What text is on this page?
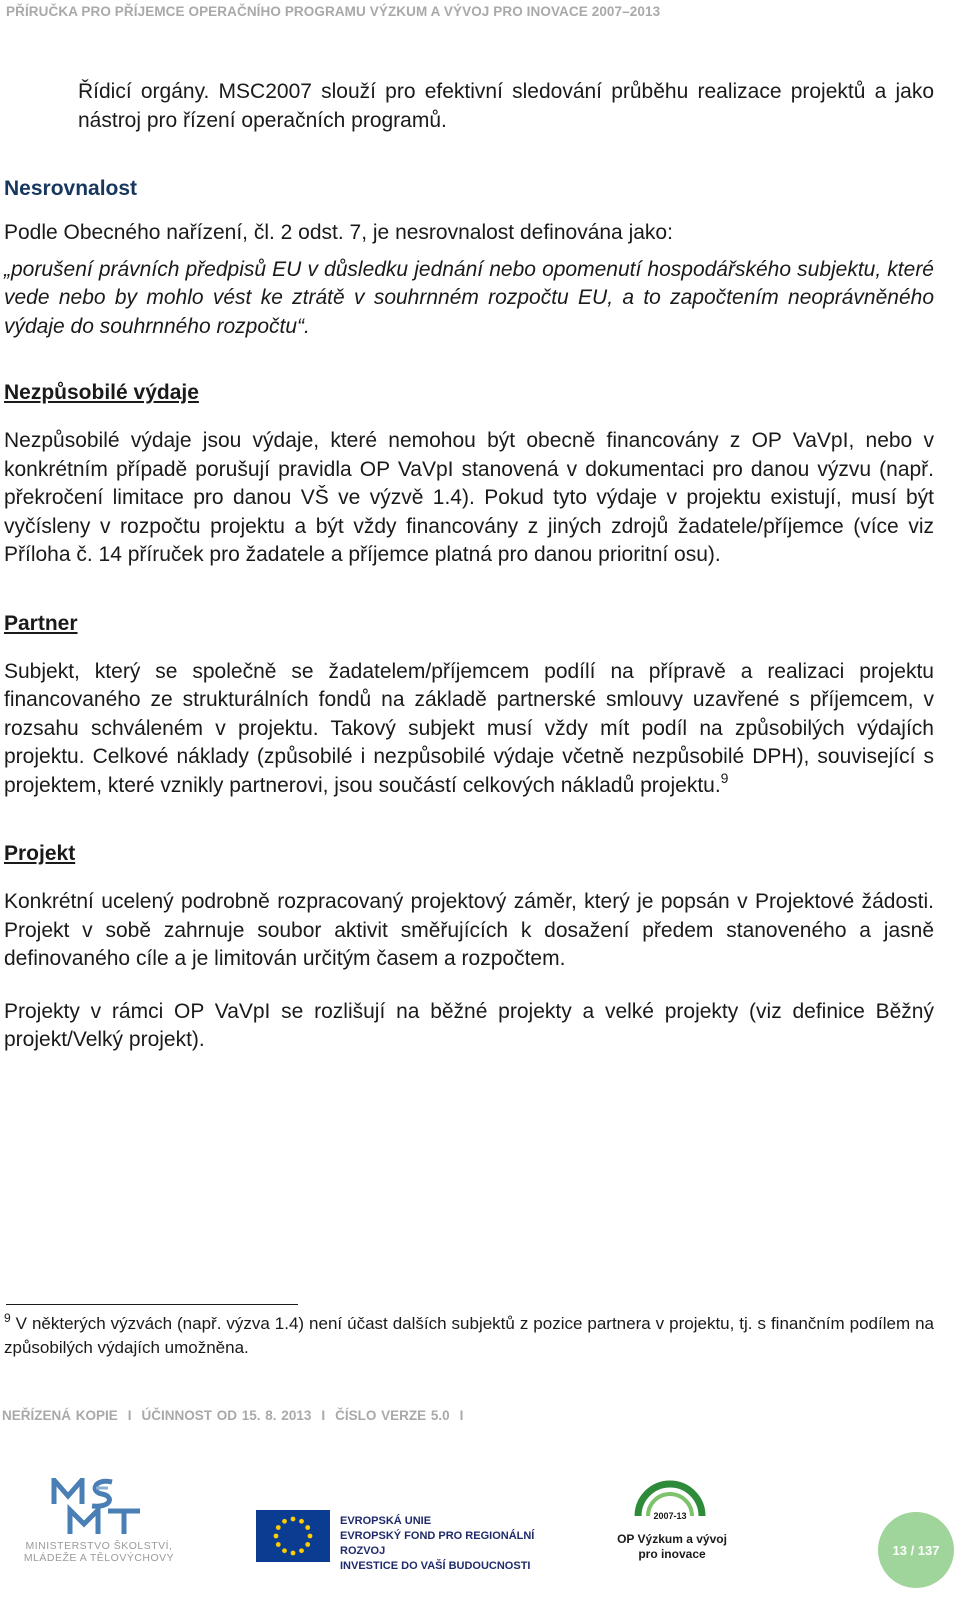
PŘÍRUČKA PRO PŘÍJEMCE OPERAČNÍHO PROGRAMU VÝZKUM A VÝVOJ PRO INOVACE 2007–2013

Řídicí orgány. MSC2007 slouží pro efektivní sledování průběhu realizace projektů a jako nástroj pro řízení operačních programů.

Nesrovnalost

Podle Obecného nařízení, čl. 2 odst. 7, je nesrovnalost definována jako:

„porušení právních předpisů EU v důsledku jednání nebo opomenutí hospodářského subjektu, které vede nebo by mohlo vést ke ztrátě v souhrnném rozpočtu EU, a to započtením neoprávněného výdaje do souhrnného rozpočtu“.

Nezpůsobilé výdaje

Nezpůsobilé výdaje jsou výdaje, které nemohou být obecně financovány z OP VaVpI, nebo v konkrétním případě porušují pravidla OP VaVpI stanovená v dokumentaci pro danou výzvu (např. překročení limitace pro danou VŠ ve výzvě 1.4). Pokud tyto výdaje v projektu existují, musí být vyčísleny v rozpočtu projektu a být vždy financovány z jiných zdrojů žadatele/příjemce (více viz Příloha č. 14 příruček pro žadatele a příjemce platná pro danou prioritní osu).

Partner

Subjekt, který se společně se žadatelem/příjemcem podílí na přípravě a realizaci projektu financovaného ze strukturálních fondů na základě partnerské smlouvy uzavřené s příjemcem, v rozsahu schváleném v projektu. Takový subjekt musí vždy mít podíl na způsobilých výdajích projektu. Celkové náklady (způsobilé i nezpůsobilé výdaje včetně nezpůsobilé DPH), související s projektem, které vznikly partnerovi, jsou součástí celkových nákladů projektu.$^9$

Projekt

Konkrétní ucelený podrobně rozpracovaný projektový záměr, který je popsán v Projektové žádosti. Projekt v sobě zahrnuje soubor aktivit směřujících k dosažení předem stanoveného a jasně definovaného cíle a je limitován určitým časem a rozpočtem.

Projekty v rámci OP VaVpI se rozlišují na běžné projekty a velké projekty (viz definice Běžný projekt/Velký projekt).

$^9$ V některých výzvách (např. výzva 1.4) není účast dalších subjektů z pozice partnera v projektu, tj. s finančním podílem na způsobilých výdajích umožněna.
NEŘÍZENÁ KOPIE I ÚČINNOST OD 15. 8. 2013 I ČÍSLO VERZE 5.0 I
MINISTERSTVO ŠKOLSTVÍ,
MLÁDEŽE A TĚLOVÝCHOVY
EVROPSKÁ UNIE
EVROPSKÝ FOND PRO REGIONÁLNÍ ROZVOJ
INVESTICE DO VAŠÍ BUDOUCNOSTI
2007-13
OP Výzkum a vývoj
pro inovace	13 / 137
